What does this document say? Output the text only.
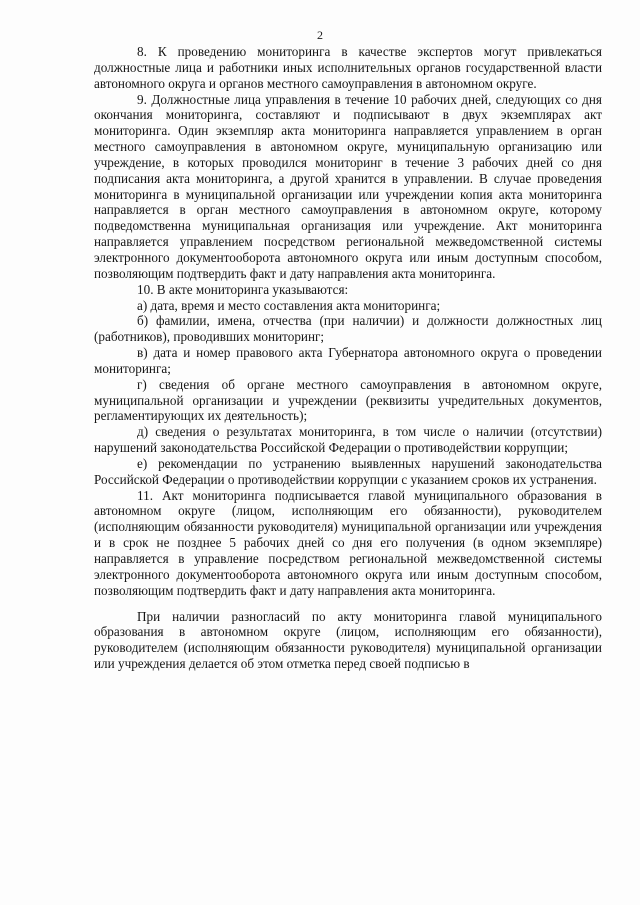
2

8. К проведению мониторинга в качестве экспертов могут привлекаться должностные лица и работники иных исполнительных органов государственной власти автономного округа и органов местного самоуправления в автономном округе.

9. Должностные лица управления в течение 10 рабочих дней, следующих со дня окончания мониторинга, составляют и подписывают в двух экземплярах акт мониторинга. Один экземпляр акта мониторинга направляется управлением в орган местного самоуправления в автономном округе, муниципальную организацию или учреждение, в которых проводился мониторинг в течение 3 рабочих дней со дня подписания акта мониторинга, а другой хранится в управлении. В случае проведения мониторинга в муниципальной организации или учреждении копия акта мониторинга направляется в орган местного самоуправления в автономном округе, которому подведомственна муниципальная организация или учреждение. Акт мониторинга направляется управлением посредством региональной межведомственной системы электронного документооборота автономного округа или иным доступным способом, позволяющим подтвердить факт и дату направления акта мониторинга.

10. В акте мониторинга указываются:

а) дата, время и место составления акта мониторинга;

б) фамилии, имена, отчества (при наличии) и должности должностных лиц (работников), проводивших мониторинг;

в) дата и номер правового акта Губернатора автономного округа о проведении мониторинга;

г) сведения об органе местного самоуправления в автономном округе, муниципальной организации и учреждении (реквизиты учредительных документов, регламентирующих их деятельность);

д) сведения о результатах мониторинга, в том числе о наличии (отсутствии) нарушений законодательства Российской Федерации о противодействии коррупции;

е) рекомендации по устранению выявленных нарушений законодательства Российской Федерации о противодействии коррупции с указанием сроков их устранения.

11. Акт мониторинга подписывается главой муниципального образования в автономном округе (лицом, исполняющим его обязанности), руководителем (исполняющим обязанности руководителя) муниципальной организации или учреждения и в срок не позднее 5 рабочих дней со дня его получения (в одном экземпляре) направляется в управление посредством региональной межведомственной системы электронного документооборота автономного округа или иным доступным способом, позволяющим подтвердить факт и дату направления акта мониторинга.

При наличии разногласий по акту мониторинга главой муниципального образования в автономном округе (лицом, исполняющим его обязанности), руководителем (исполняющим обязанности руководителя) муниципальной организации или учреждения делается об этом отметка перед своей подписью в
